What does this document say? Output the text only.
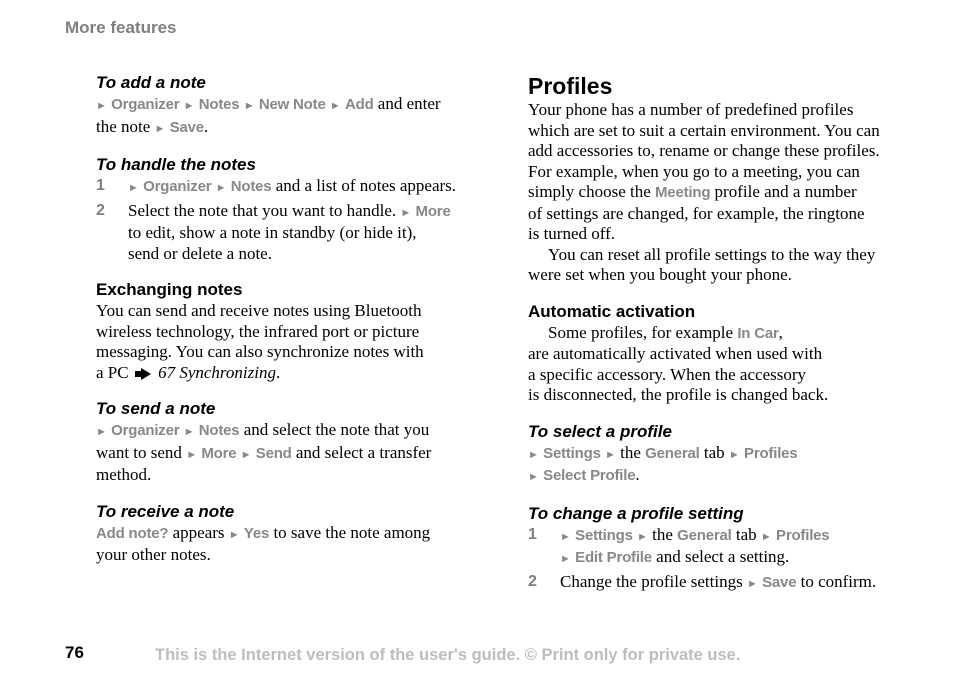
More features
To add a note

► Organizer ► Notes ► New Note ► Add and enter
the note ► Save.

To handle the notes

1 ► Organizer ► Notes and a list of notes appears.

2 Select the note that you want to handle. ► More
to edit, show a note in standby (or hide it),
send or delete a note.

Exchanging notes

You can send and receive notes using Bluetooth
wireless technology, the infrared port or picture
messaging. You can also synchronize notes with
a PC  67 Synchronizing.

To send a note

► Organizer ► Notes and select the note that you
want to send ► More ► Send and select a transfer
method.

To receive a note

Add note? appears ► Yes to save the note among
your other notes.

Profiles

Your phone has a number of predefined profiles
which are set to suit a certain environment. You can
add accessories to, rename or change these profiles.
For example, when you go to a meeting, you can
simply choose the Meeting profile and a number
of settings are changed, for example, the ringtone
is turned off.
You can reset all profile settings to the way they
were set when you bought your phone.

Automatic activation

Some profiles, for example In Car,
are automatically activated when used with
a specific accessory. When the accessory
is disconnected, the profile is changed back.

To select a profile

► Settings ► the General tab ► Profiles
► Select Profile.

To change a profile setting

1 ► Settings ► the General tab ► Profiles
► Edit Profile and select a setting.

2 Change the profile settings ► Save to confirm.

76	This is the Internet version of the user's guide. © Print only for private use.
